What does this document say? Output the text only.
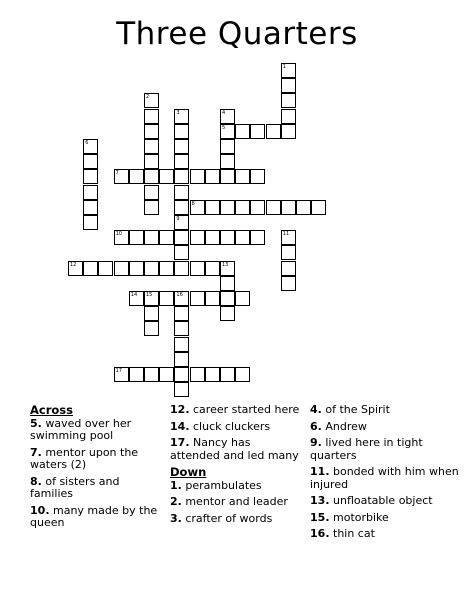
Three Quarters
1
2
3
9
4
5
6
7
8
10	11
12	13
14 15	16
17
Across
5. waved over her swimming pool
7. mentor upon the waters (2)
8. of sisters and families
10. many made by the queen
12. career started here
14. cluck cluckers
17. Nancy has attended and led many
Down
1. perambulates
2. mentor and leader
3. crafter of words
4. of the Spirit
6. Andrew
9. lived here in tight quarters
11. bonded with him when injured
13. unfloatable object
15. motorbike
16. thin cat
